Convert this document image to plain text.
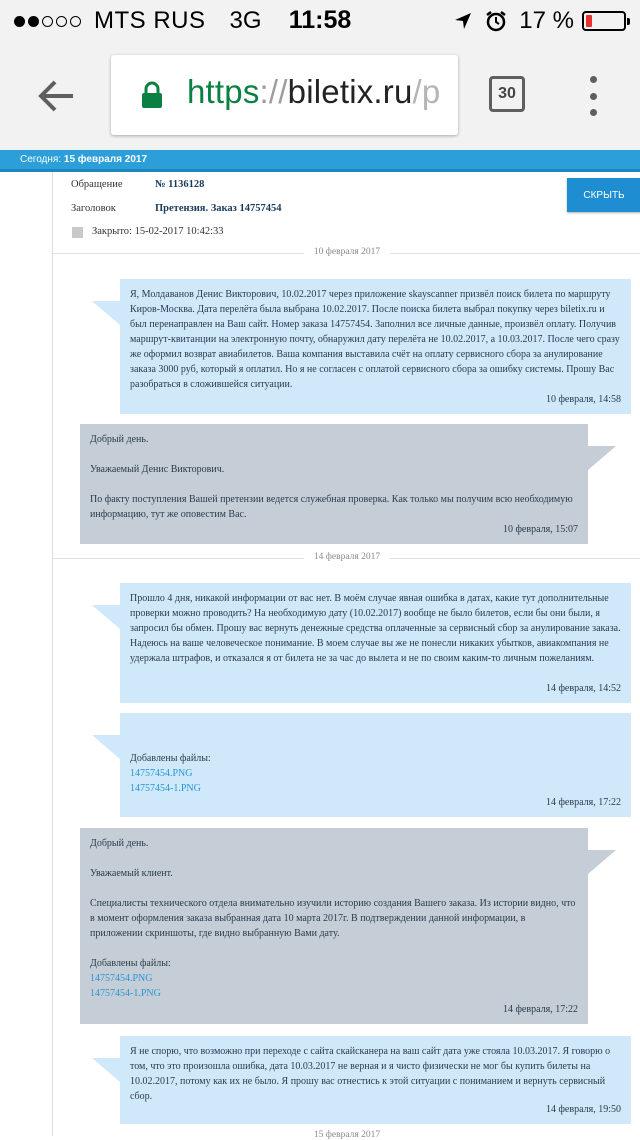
MTS RUS 3G	11:58	17 %
https://biletix.ru/p	30
Сегодня: 15 февраля 2017
Обращение	№ 1136128
Заголовок	Претензия. Заказ 14757454
Закрыто: 15-02-2017 10:42:33
СКРЫТЬ
10 февраля 2017

Я, Молдаванов Денис Викторович, 10.02.2017 через приложение skayscanner призвёл поиск билета по маршруту Киров-Москва. Дата перелёта была выбрана 10.02.2017. После поиска билета выбрал покупку через biletix.ru и был перенаправлен на Ваш сайт. Номер заказа 14757454. Заполнил все личные данные, произвёл оплату. Получив маршрут-квитанции на электронную почту, обнаружил дату перелёта не 10.02.2017, а 10.03.2017. После чего сразу же оформил возврат авиабилетов. Ваша компания выставила счёт на оплату сервисного сбора за анулирование заказа 3000 руб, который я оплатил. Но я не согласен с оплатой сервисного сбора за ошибку системы. Прошу Вас разобраться в сложившейся ситуации.

10 февраля, 14:58

Добрый день.

Уважаемый Денис Викторович.

По факту поступления Вашей претензии ведется служебная проверка. Как только мы получим всю необходимую информацию, тут же оповестим Вас.

10 февраля, 15:07
14 февраля 2017

Прошло 4 дня, никакой информации от вас нет. В моём случае явная ошибка в датах, какие тут дополнительные проверки можно проводить? На необходимую дату (10.02.2017) вообще не было билетов, если бы они были, я запросил бы обмен. Прошу вас вернуть денежные средства оплаченные за сервисный сбор за анулирование заказа. Надеюсь на ваше человеческое понимание. В моем случае вы же не понесли никаких убытков, авиакомпания не удержала штрафов, и отказался я от билета не за час до вылета и не по своим каким-то личным пожеланиям.

14 февраля, 14:52
Добавлены файлы:
14757454.PNG
14757454-1.PNG
14 февраля, 17:22

Добрый день.

Уважаемый клиент.

Специалисты технического отдела внимательно изучили историю создания Вашего заказа. Из истории видно, что в момент оформления заказа выбранная дата 10 марта 2017г. В подтверждении данной информации, в приложении скриншоты, где видно выбранную Вами дату.

Добавлены файлы:
14757454.PNG
14757454-1.PNG
14 февраля, 17:22

Я не спорю, что возможно при переходе с сайта скайсканера на ваш сайт дата уже стояла 10.03.2017. Я говорю о том, что это произошла ошибка, дата 10.03.2017 не верная и я чисто физически не мог бы купить билеты на 10.02.2017, потому как их не было. Я прошу вас отнестись к этой ситуации с пониманием и вернуть сервисный сбор.

14 февраля, 19:50
15 февраля 2017
